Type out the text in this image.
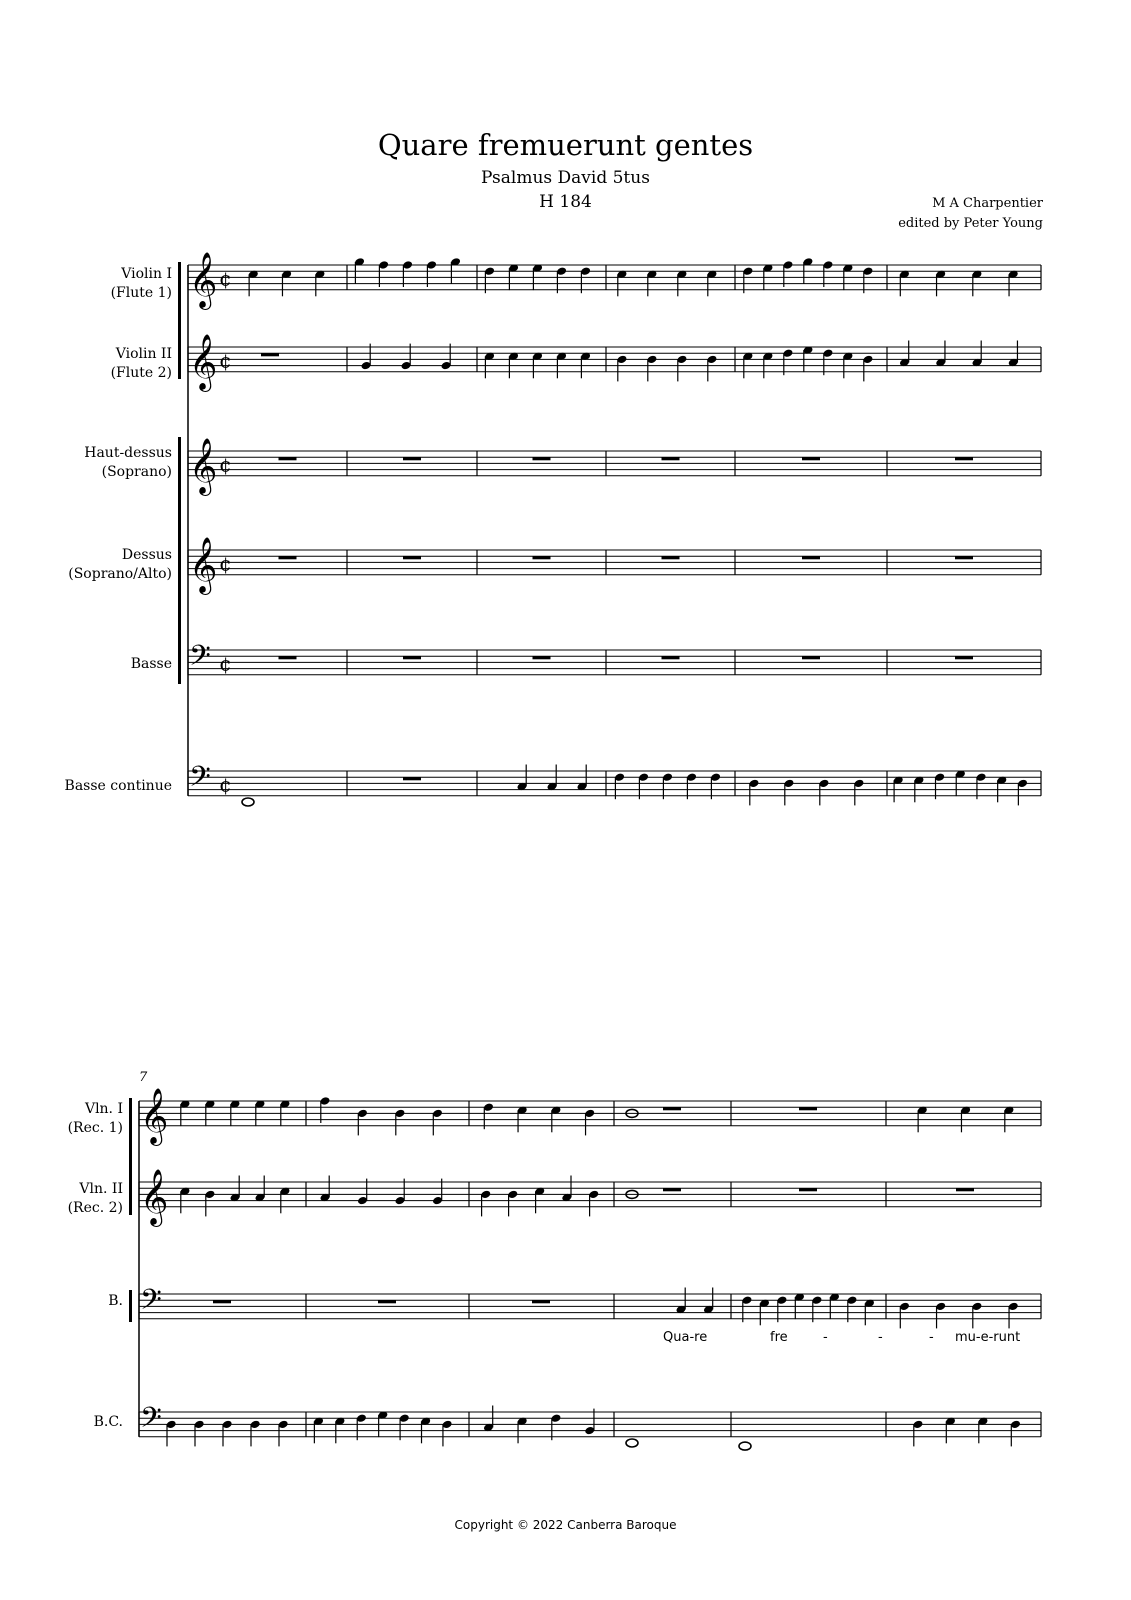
Quare fremuerunt gentes
Psalmus David 5tus
H 184	M A Charpentier
edited by Peter Young
Violin I
(Flute 1)
Violin II
(Flute 2)
Haut-dessus
(Soprano)
Dessus
(Soprano/Alto)
Basse
Basse continue
7
Vln. I
(Rec. 1)
Vln. II
(Rec. 2)
B.
B.C.
Qua-re	fre	-	-	- mu-e-runt
𝄞 ¢
𝄞 ¢
𝄞 ¢
𝄞 ¢
𝄢 ¢
𝄢 ¢
𝄞
𝄞
𝄢
𝄢
Copyright © 2022 Canberra Baroque
